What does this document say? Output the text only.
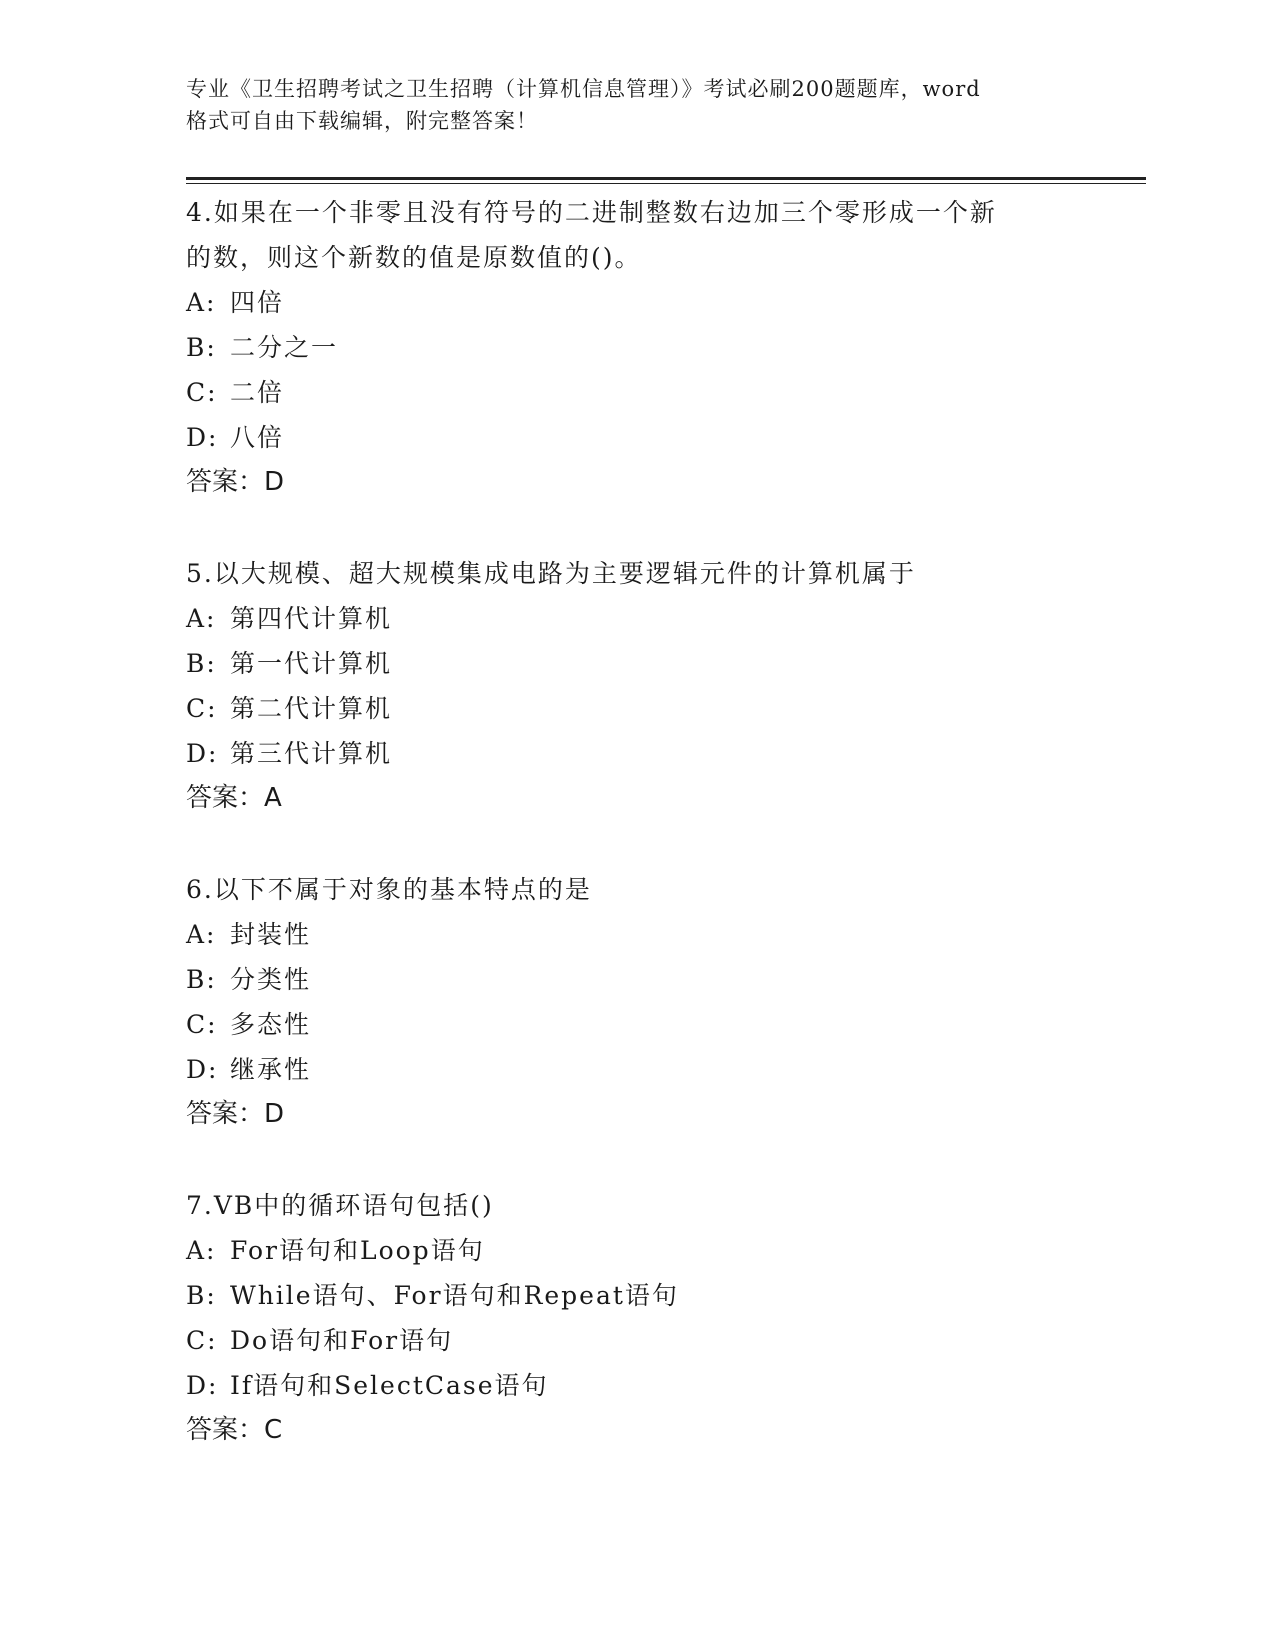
专业《卫生招聘考试之卫生招聘（计算机信息管理）》考试必刷200题题库，word
格式可自由下载编辑，附完整答案！
4.如果在一个非零且没有符号的二进制整数右边加三个零形成一个新
的数，则这个新数的值是原数值的()。
A: 四倍
B: 二分之一
C: 二倍
D: 八倍
答案：D
5.以大规模、超大规模集成电路为主要逻辑元件的计算机属于
A: 第四代计算机
B: 第一代计算机
C: 第二代计算机
D: 第三代计算机
答案：A
6.以下不属于对象的基本特点的是
A: 封装性
B: 分类性
C: 多态性
D: 继承性
答案：D
7.VB中的循环语句包括()
A: For语句和Loop语句
B: While语句、For语句和Repeat语句
C: Do语句和For语句
D: If语句和SelectCase语句
答案：C
